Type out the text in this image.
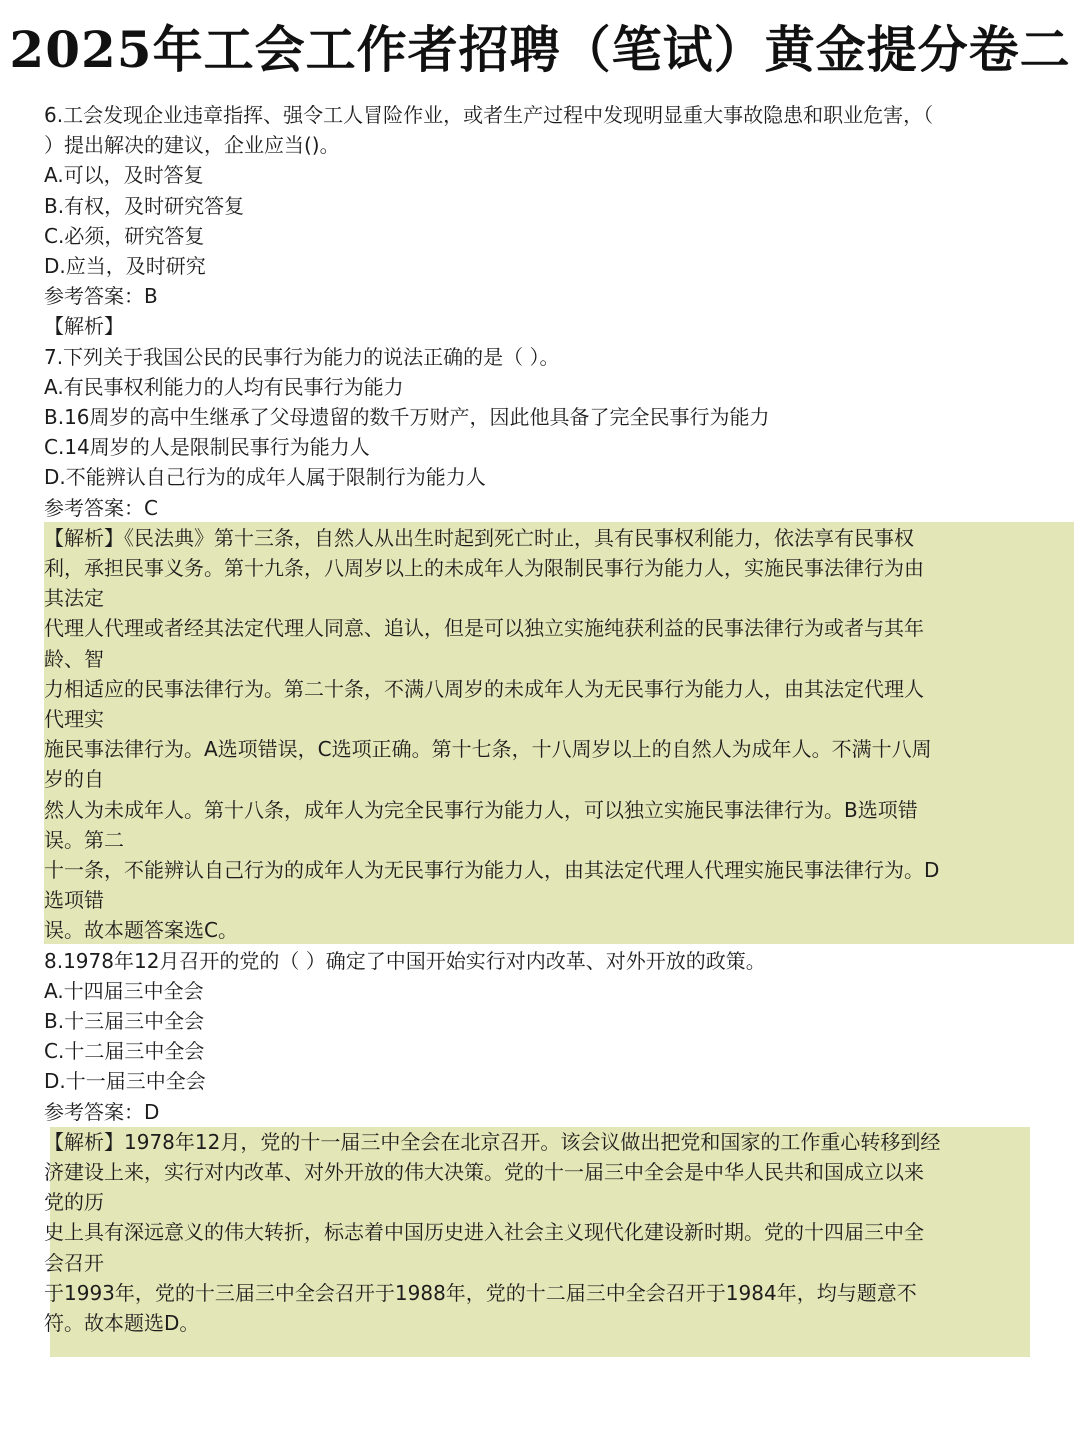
2025年工会工作者招聘（笔试）黄金提分卷二
6.工会发现企业违章指挥、强令工人冒险作业，或者生产过程中发现明显重大事故隐患和职业危害，（
）提出解决的建议，企业应当()。
A.可以，及时答复
B.有权，及时研究答复
C.必须，研究答复
D.应当，及时研究
参考答案：B
【解析】
7.下列关于我国公民的民事行为能力的说法正确的是（ ）。
A.有民事权利能力的人均有民事行为能力
B.16周岁的高中生继承了父母遗留的数千万财产，因此他具备了完全民事行为能力
C.14周岁的人是限制民事行为能力人
D.不能辨认自己行为的成年人属于限制行为能力人
参考答案：C
【解析】《民法典》第十三条，自然人从出生时起到死亡时止，具有民事权利能力，依法享有民事权
利，承担民事义务。第十九条，八周岁以上的未成年人为限制民事行为能力人，实施民事法律行为由
其法定
代理人代理或者经其法定代理人同意、追认，但是可以独立实施纯获利益的民事法律行为或者与其年
龄、智
力相适应的民事法律行为。第二十条，不满八周岁的未成年人为无民事行为能力人，由其法定代理人
代理实
施民事法律行为。A选项错误，C选项正确。第十七条，十八周岁以上的自然人为成年人。不满十八周
岁的自
然人为未成年人。第十八条，成年人为完全民事行为能力人，可以独立实施民事法律行为。B选项错
误。第二
十一条，不能辨认自己行为的成年人为无民事行为能力人，由其法定代理人代理实施民事法律行为。D
选项错
误。故本题答案选C。
8.1978年12月召开的党的（ ）确定了中国开始实行对内改革、对外开放的政策。
A.十四届三中全会
B.十三届三中全会
C.十二届三中全会
D.十一届三中全会
参考答案：D
【解析】1978年12月，党的十一届三中全会在北京召开。该会议做出把党和国家的工作重心转移到经
济建设上来，实行对内改革、对外开放的伟大决策。党的十一届三中全会是中华人民共和国成立以来
党的历
史上具有深远意义的伟大转折，标志着中国历史进入社会主义现代化建设新时期。党的十四届三中全
会召开
于1993年，党的十三届三中全会召开于1988年，党的十二届三中全会召开于1984年，均与题意不
符。故本题选D。
